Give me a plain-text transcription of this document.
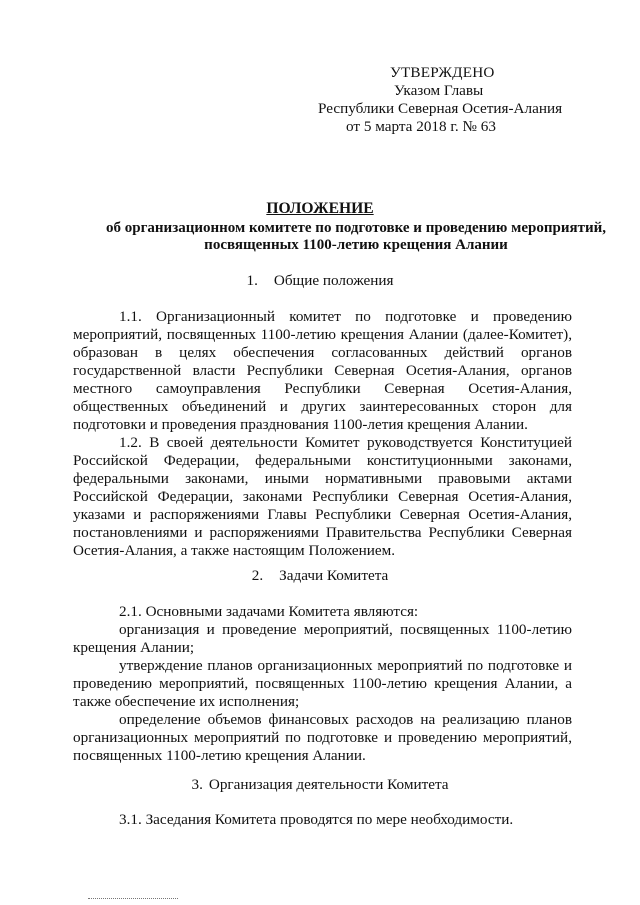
УТВЕРЖДЕНО
Указом Главы
Республики Северная Осетия-Алания
от 5 марта 2018 г. № 63
ПОЛОЖЕНИЕ
об организационном комитете по подготовке и проведению мероприятий, посвященных 1100-летию крещения Алании
1. Общие положения
1.1. Организационный комитет по подготовке и проведению мероприятий, посвященных 1100-летию крещения Алании (далее-Комитет), образован в целях обеспечения согласованных действий органов государственной власти Республики Северная Осетия-Алания, органов местного самоуправления Республики Северная Осетия-Алания, общественных объединений и других заинтересованных сторон для подготовки и проведения празднования 1100-летия крещения Алании.
1.2. В своей деятельности Комитет руководствуется Конституцией Российской Федерации, федеральными конституционными законами, федеральными законами, иными нормативными правовыми актами Российской Федерации, законами Республики Северная Осетия-Алания, указами и распоряжениями Главы Республики Северная Осетия-Алания, постановлениями и распоряжениями Правительства Республики Северная Осетия-Алания, а также настоящим Положением.
2. Задачи Комитета
2.1. Основными задачами Комитета являются:
организация и проведение мероприятий, посвященных 1100-летию крещения Алании;
утверждение планов организационных мероприятий по подготовке и проведению мероприятий, посвященных 1100-летию крещения Алании, а также обеспечение их исполнения;
определение объемов финансовых расходов на реализацию планов организационных мероприятий по подготовке и проведению мероприятий, посвященных 1100-летию крещения Алании.
3. Организация деятельности Комитета
3.1. Заседания Комитета проводятся по мере необходимости.
